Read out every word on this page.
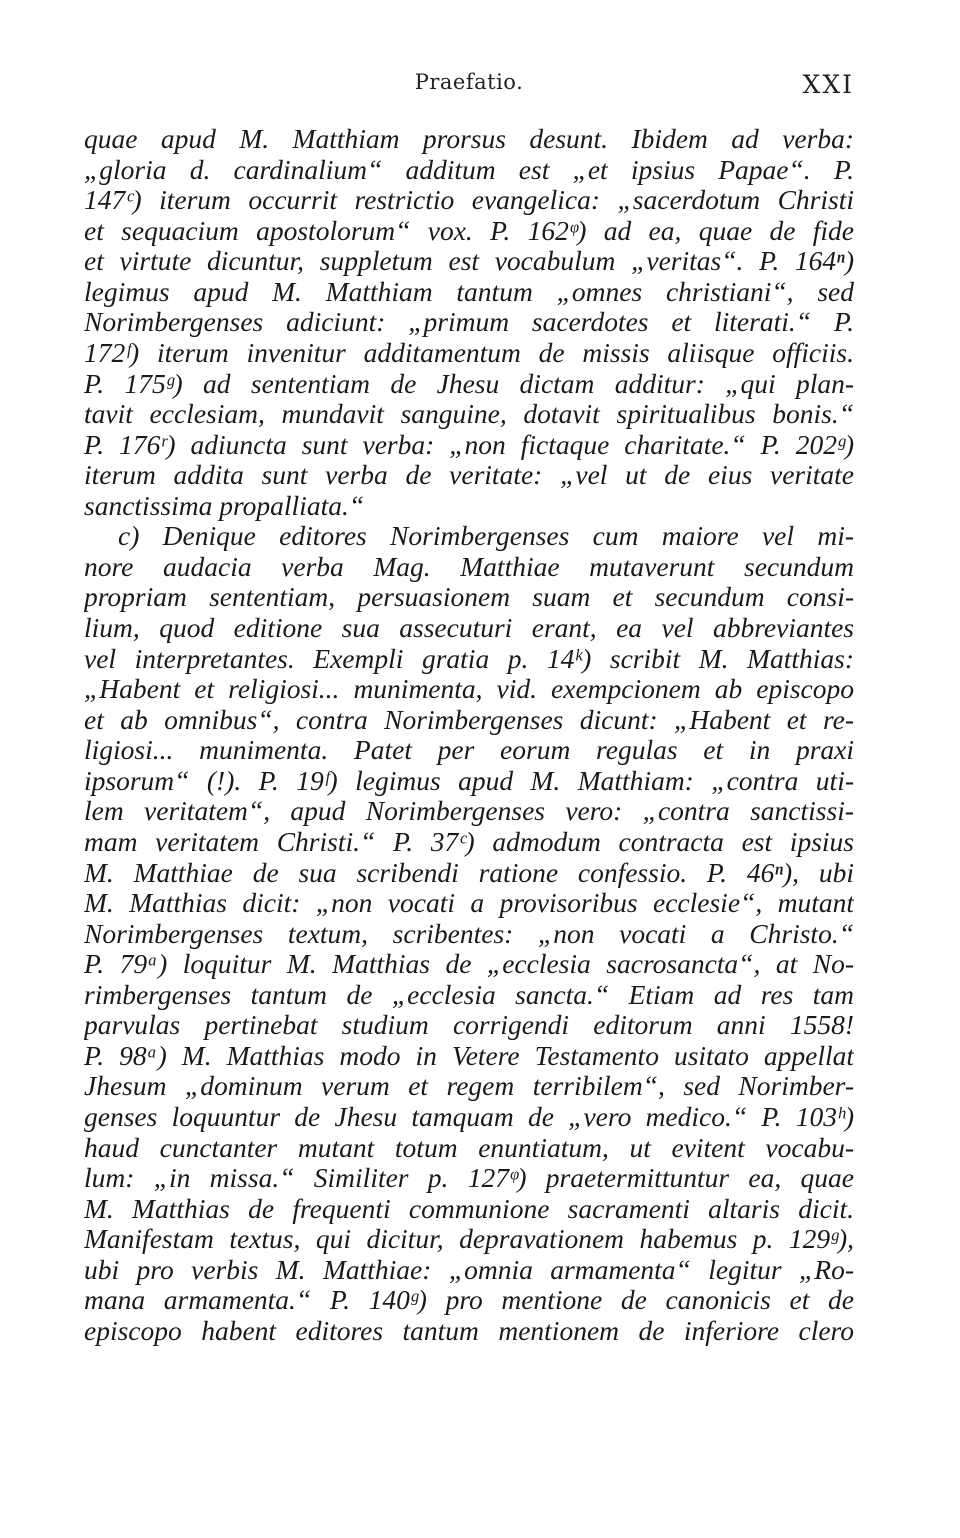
Praefatio.	XXI
quae apud M. Matthiam prorsus desunt. Ibidem ad verba:
„gloria d. cardinalium“ additum est „et ipsius Papae“. P.
147ᶜ) iterum occurrit restrictio evangelica: „sacerdotum Christi
et sequacium apostolorum“ vox. P. 162ᵠ) ad ea, quae de fide
et virtute dicuntur, suppletum est vocabulum „veritas“. P. 164ⁿ)
legimus apud M. Matthiam tantum „omnes christiani“, sed
Norimbergenses adiciunt: „primum sacerdotes et literati.“ P.
172ᶠ) iterum invenitur additamentum de missis aliisque officiis.
P. 175ᵍ) ad sententiam de Jhesu dictam additur: „qui plan-
tavit ecclesiam, mundavit sanguine, dotavit spiritualibus bonis.“
P. 176ʳ) adiuncta sunt verba: „non fictaque charitate.“ P. 202ᵍ)
iterum addita sunt verba de veritate: „vel ut de eius veritate
sanctissima propalliata.“
c) Denique editores Norimbergenses cum maiore vel mi-
nore audacia verba Mag. Matthiae mutaverunt secundum
propriam sententiam, persuasionem suam et secundum consi-
lium, quod editione sua assecuturi erant, ea vel abbreviantes
vel interpretantes. Exempli gratia p. 14ᵏ) scribit M. Matthias:
„Habent et religiosi... munimenta, vid. exempcionem ab episcopo
et ab omnibus“, contra Norimbergenses dicunt: „Habent et re-
ligiosi... munimenta. Patet per eorum regulas et in praxi
ipsorum“ (!). P. 19ᶠ) legimus apud M. Matthiam: „contra uti-
lem veritatem“, apud Norimbergenses vero: „contra sanctissi-
mam veritatem Christi.“ P. 37ᶜ) admodum contracta est ipsius
M. Matthiae de sua scribendi ratione confessio. P. 46ⁿ), ubi
M. Matthias dicit: „non vocati a provisoribus ecclesie“, mutant
Norimbergenses textum, scribentes: „non vocati a Christo.“
P. 79ᵃ) loquitur M. Matthias de „ecclesia sacrosancta“, at No-
rimbergenses tantum de „ecclesia sancta.“ Etiam ad res tam
parvulas pertinebat studium corrigendi editorum anni 1558!
P. 98ᵃ) M. Matthias modo in Vetere Testamento usitato appellat
Jhesum „dominum verum et regem terribilem“, sed Norimber-
genses loquuntur de Jhesu tamquam de „vero medico.“ P. 103ʰ)
haud cunctanter mutant totum enuntiatum, ut evitent vocabu-
lum: „in missa.“ Similiter p. 127ᵠ) praetermittuntur ea, quae
M. Matthias de frequenti communione sacramenti altaris dicit.
Manifestam textus, qui dicitur, depravationem habemus p. 129ᵍ),
ubi pro verbis M. Matthiae: „omnia armamenta“ legitur „Ro-
mana armamenta.“ P. 140ᵍ) pro mentione de canonicis et de
episcopo habent editores tantum mentionem de inferiore clero
